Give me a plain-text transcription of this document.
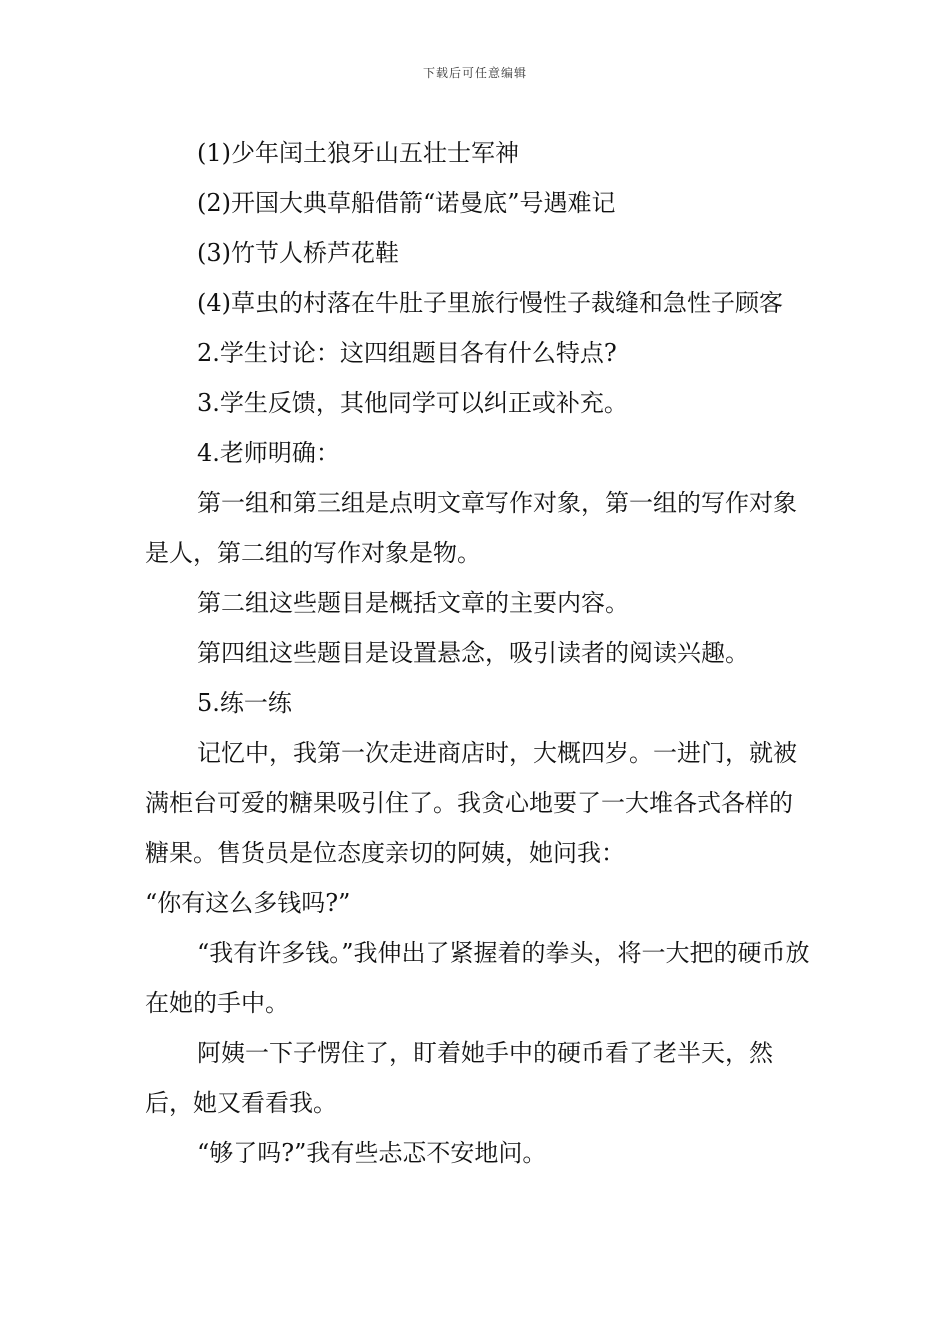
下载后可任意编辑

(1)少年闰土狼牙山五壮士军神

(2)开国大典草船借箭“诺曼底”号遇难记

(3)竹节人桥芦花鞋

(4)草虫的村落在牛肚子里旅行慢性子裁缝和急性子顾客

2.学生讨论：这四组题目各有什么特点?

3.学生反馈，其他同学可以纠正或补充。

4.老师明确：

第一组和第三组是点明文章写作对象，第一组的写作对象是人，第二组的写作对象是物。

第二组这些题目是概括文章的主要内容。

第四组这些题目是设置悬念，吸引读者的阅读兴趣。

5.练一练

记忆中，我第一次走进商店时，大概四岁。一进门，就被满柜台可爱的糖果吸引住了。我贪心地要了一大堆各式各样的糖果。售货员是位态度亲切的阿姨，她问我：

“你有这么多钱吗?”

“我有许多钱。”我伸出了紧握着的拳头，将一大把的硬币放在她的手中。

阿姨一下子愣住了，盯着她手中的硬币看了老半天，然后，她又看看我。

“够了吗?”我有些忐忑不安地问。
